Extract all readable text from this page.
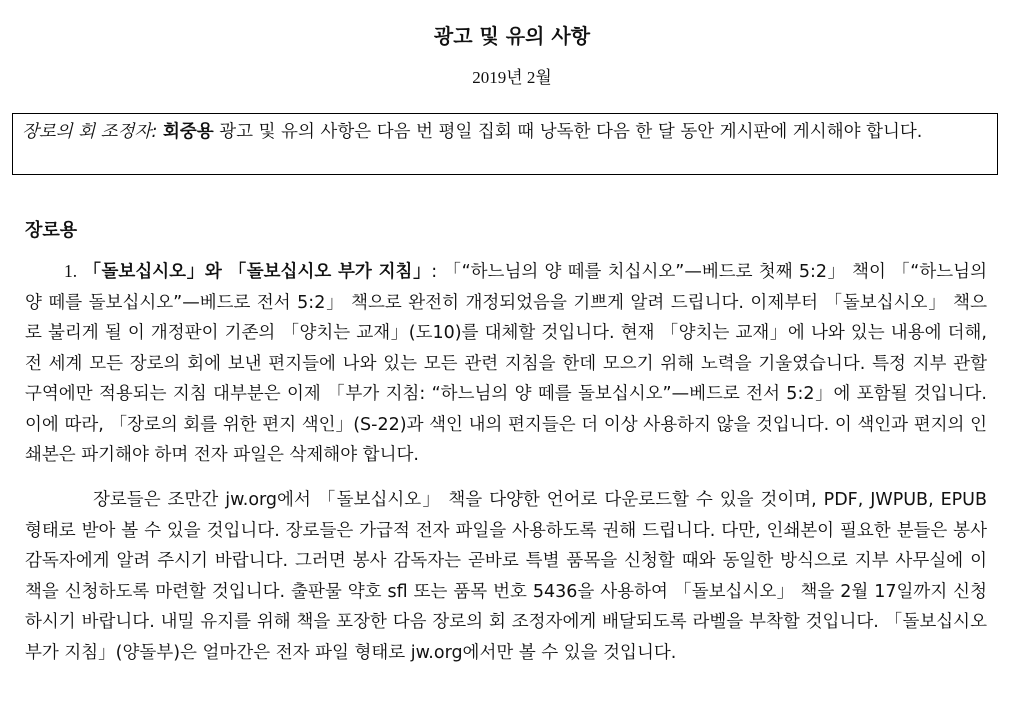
광고 및 유의 사항
2019년 2월
장로의 회 조정자: 회중용 광고 및 유의 사항은 다음 번 평일 집회 때 낭독한 다음 한 달 동안 게시판에 게시해야 합니다.
장로용
1. 「돌보십시오」와 「돌보십시오 부가 지침」: 「“하느님의 양 떼를 치십시오”—베드로 첫째 5:2」 책이 「“하느님의 양 떼를 돌보십시오”—베드로 전서 5:2」 책으로 완전히 개정되었음을 기쁘게 알려 드립니다. 이제부터 「돌보십시오」 책으로 불리게 될 이 개정판이 기존의 「양치는 교재」(도10)를 대체할 것입니다. 현재 「양치는 교재」에 나와 있는 내용에 더해, 전 세계 모든 장로의 회에 보낸 편지들에 나와 있는 모든 관련 지침을 한데 모으기 위해 노력을 기울였습니다. 특정 지부 관할 구역에만 적용되는 지침 대부분은 이제 「부가 지침: “하느님의 양 떼를 돌보십시오”—베드로 전서 5:2」에 포함될 것입니다. 이에 따라, 「장로의 회를 위한 편지 색인」(S-22)과 색인 내의 편지들은 더 이상 사용하지 않을 것입니다. 이 색인과 편지의 인쇄본은 파기해야 하며 전자 파일은 삭제해야 합니다.
장로들은 조만간 jw.org에서 「돌보십시오」 책을 다양한 언어로 다운로드할 수 있을 것이며, PDF, JWPUB, EPUB 형태로 받아 볼 수 있을 것입니다. 장로들은 가급적 전자 파일을 사용하도록 권해 드립니다. 다만, 인쇄본이 필요한 분들은 봉사 감독자에게 알려 주시기 바랍니다. 그러면 봉사 감독자는 곧바로 특별 품목을 신청할 때와 동일한 방식으로 지부 사무실에 이 책을 신청하도록 마련할 것입니다. 출판물 약호 sfl 또는 품목 번호 5436을 사용하여 「돌보십시오」 책을 2월 17일까지 신청하시기 바랍니다. 내밀 유지를 위해 책을 포장한 다음 장로의 회 조정자에게 배달되도록 라벨을 부착할 것입니다. 「돌보십시오 부가 지침」(양돌부)은 얼마간은 전자 파일 형태로 jw.org에서만 볼 수 있을 것입니다.
